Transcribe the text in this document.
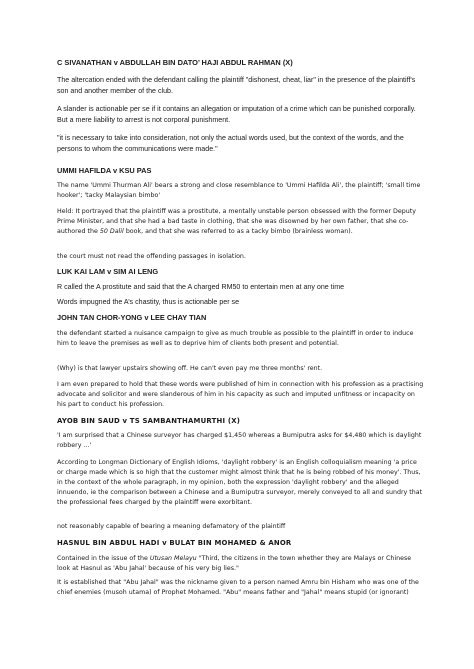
C SIVANATHAN v ABDULLAH BIN DATO’ HAJI ABDUL RAHMAN (X)

The altercation ended with the defendant calling the plaintiff "dishonest, cheat, liar" in the presence of the plaintiff's son and another member of the club.

A slander is actionable per se if it contains an allegation or imputation of a crime which can be punished corporally. But a mere liability to arrest is not corporal punishment.

"it is necessary to take into consideration, not only the actual words used, but the context of the words, and the persons to whom the communications were made."

UMMI HAFILDA v KSU PAS

The name 'Ummi Thurman Ali' bears a strong and close resemblance to 'Ummi Hafilda Ali', the plaintiff; 'small time hooker'; 'tacky Malaysian bimbo'

Held: It portrayed that the plaintiff was a prostitute, a mentally unstable person obsessed with the former Deputy Prime Minister, and that she had a bad taste in clothing, that she was disowned by her own father, that she co-authored the 50 Dalil book, and that she was referred to as a tacky bimbo (brainless woman).

the court must not read the offending passages in isolation.

LUK KAI LAM v SIM AI LENG

R called the A prostitute and said that the A charged RM50 to entertain men at any one time

Words impugned the A’s chastity, thus is actionable per se

JOHN TAN CHOR-YONG v LEE CHAY TIAN

the defendant started a nuisance campaign to give as much trouble as possible to the plaintiff in order to induce him to leave the premises as well as to deprive him of clients both present and potential.

(Why) is that lawyer upstairs showing off. He can't even pay me three months' rent.

I am even prepared to hold that these words were published of him in connection with his profession as a practising advocate and solicitor and were slanderous of him in his capacity as such and imputed unfitness or incapacity on his part to conduct his profession.

AYOB BIN SAUD v TS SAMBANTHAMURTHI (X)

'I am surprised that a Chinese surveyor has charged $1,450 whereas a Bumiputra asks for $4,480 which is daylight robbery ...'

According to Longman Dictionary of English Idioms, 'daylight robbery' is an English colloquialism meaning 'a price or charge made which is so high that the customer might almost think that he is being robbed of his money'. Thus, in the context of the whole paragraph, in my opinion, both the expression 'daylight robbery' and the alleged innuendo, ie the comparison between a Chinese and a Bumiputra surveyor, merely conveyed to all and sundry that the professional fees charged by the plaintiff were exorbitant.

not reasonably capable of bearing a meaning defamatory of the plaintiff

HASNUL BIN ABDUL HADI v BULAT BIN MOHAMED & ANOR

Contained in the issue of the Utusan Melayu "Third, the citizens in the town whether they are Malays or Chinese look at Hasnul as 'Abu Jahal' because of his very big lies."

It is established that "Abu Jahal" was the nickname given to a person named Amru bin Hisham who was one of the chief enemies (musoh utama) of Prophet Mohamed. "Abu" means father and "Jahal" means stupid (or ignorant)
